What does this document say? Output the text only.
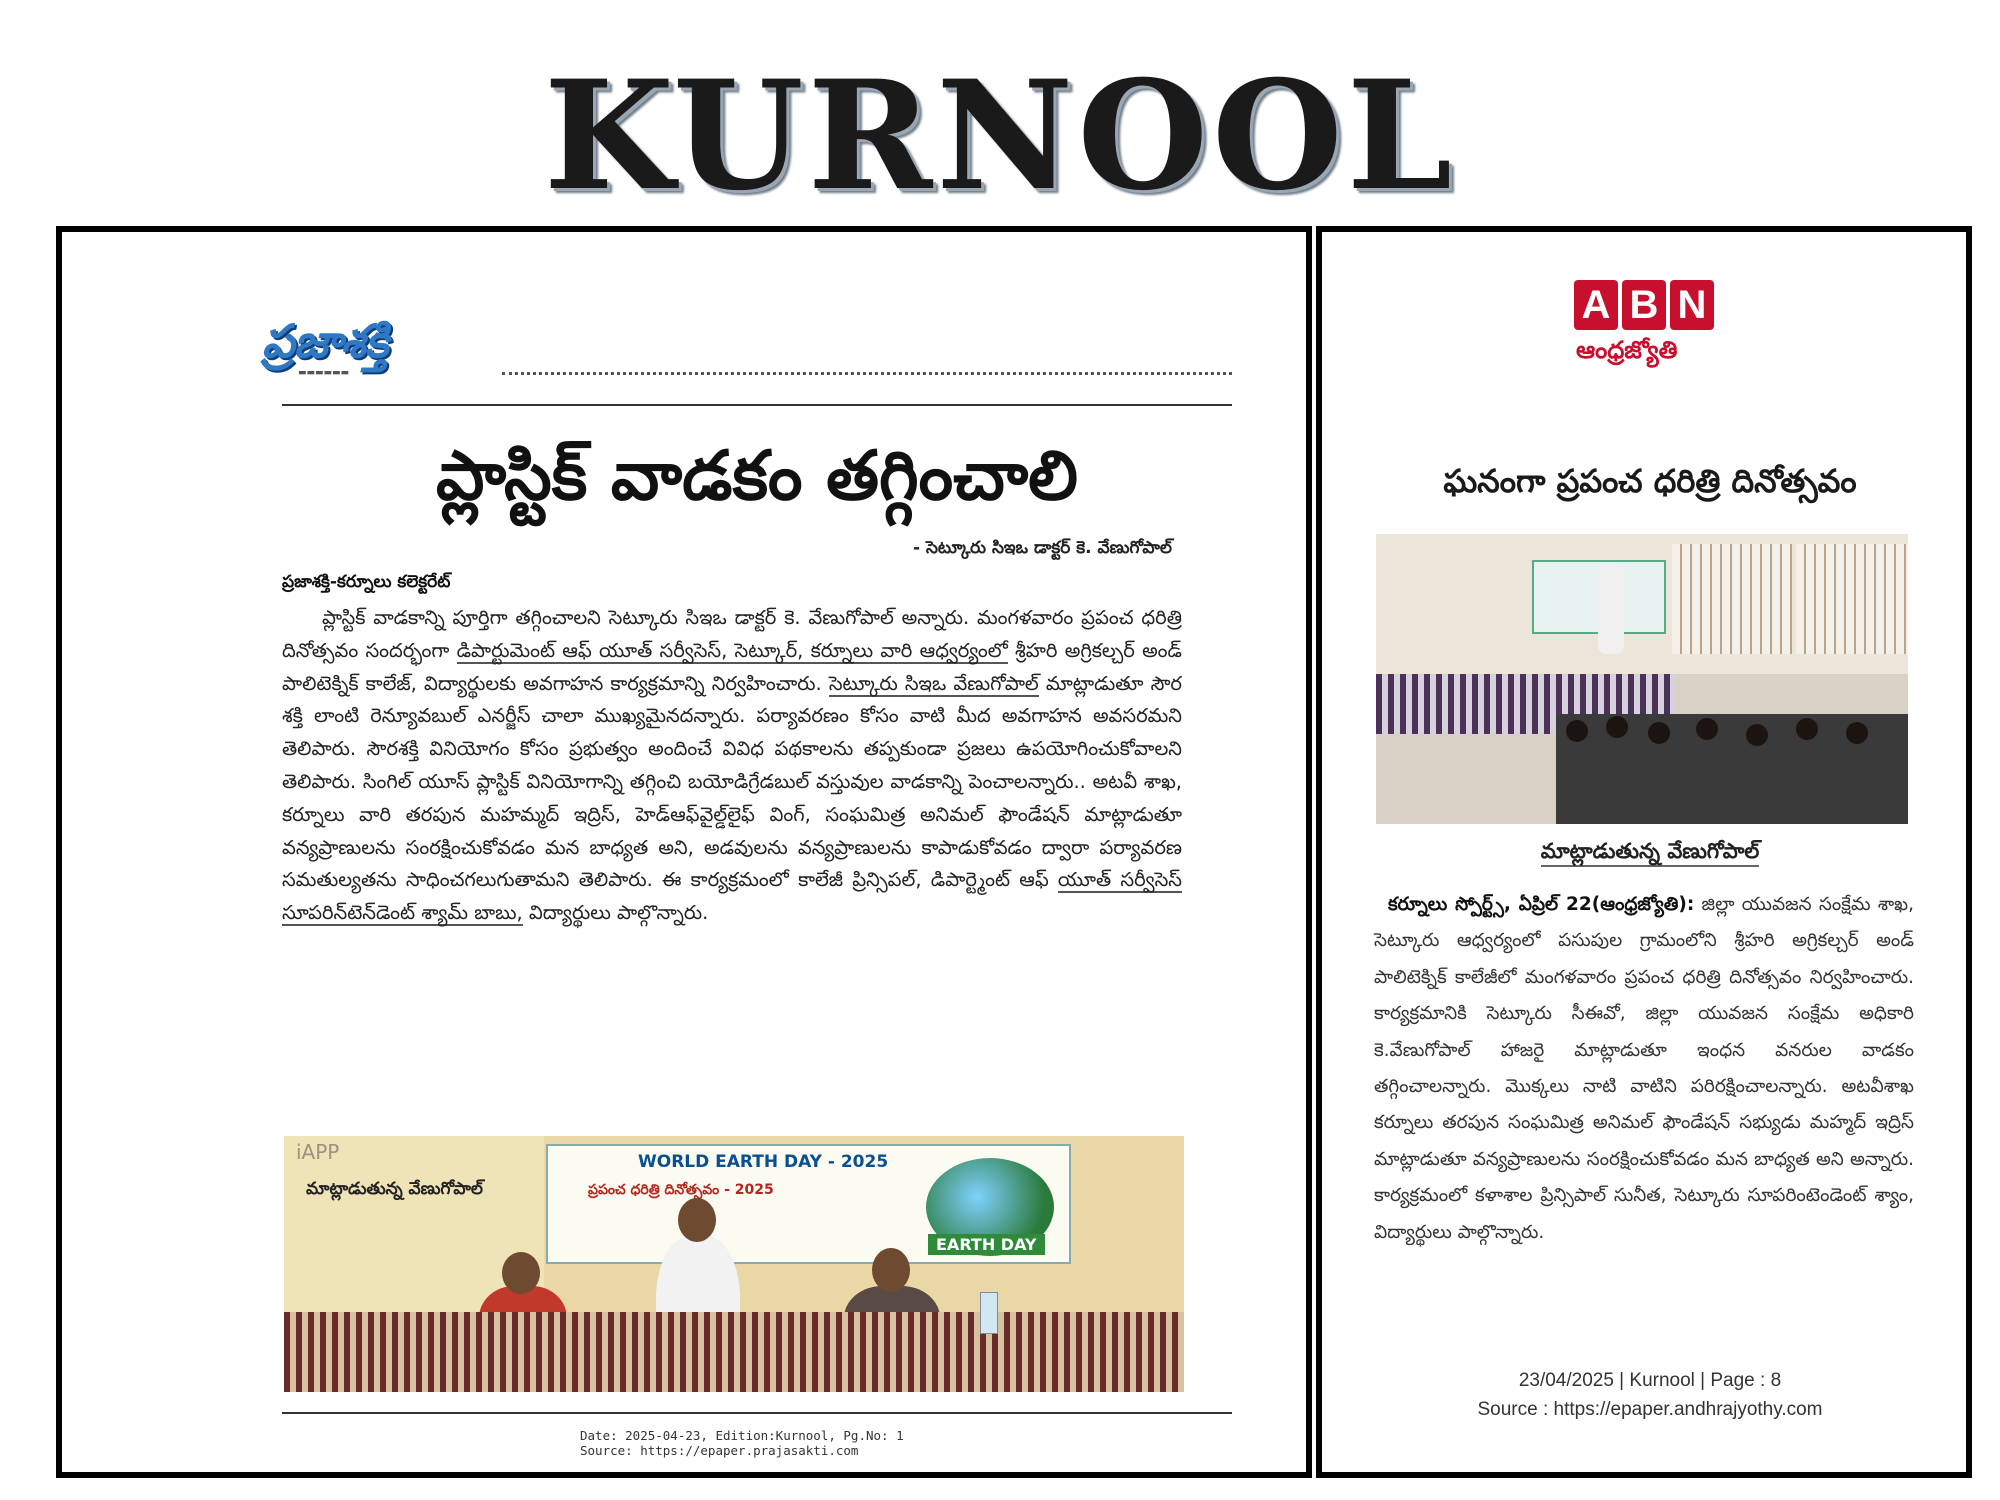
KURNOOL
ప్రజాశక్తి
▬▬▬▬▬▬
ప్లాస్టిక్ వాడకం తగ్గించాలి
- సెట్కూరు సిఇఒ డాక్టర్ కె. వేణుగోపాల్
ప్రజాశక్తి-కర్నూలు కలెక్టరేట్

ప్లాస్టిక్ వాడకాన్ని పూర్తిగా తగ్గించాలని సెట్కూరు సిఇఒ డాక్టర్ కె. వేణుగోపాల్ అన్నారు. మంగళవారం ప్రపంచ ధరిత్రి దినోత్సవం సందర్భంగా డిపార్టుమెంట్ ఆఫ్ యూత్ సర్వీసెస్, సెట్కూర్, కర్నూలు వారి ఆధ్వర్యంలో శ్రీహరి అగ్రికల్చర్ అండ్ పాలిటెక్నిక్ కాలేజ్, విద్యార్థులకు అవగాహన కార్యక్రమాన్ని నిర్వహించారు. సెట్కూరు సిఇఒ వేణుగోపాల్ మాట్లాడుతూ సౌర శక్తి లాంటి రెన్యూవబుల్ ఎనర్జీస్ చాలా ముఖ్యమైనదన్నారు. పర్యావరణం కోసం వాటి మీద అవగాహన అవసరమని తెలిపారు. సౌరశక్తి వినియోగం కోసం ప్రభుత్వం అందించే వివిధ పథకాలను తప్పకుండా ప్రజలు ఉపయోగించుకోవాలని తెలిపారు. సింగిల్ యూస్ ప్లాస్టిక్ వినియోగాన్ని తగ్గించి బయోడిగ్రేడబుల్ వస్తువుల వాడకాన్ని పెంచాలన్నారు.. అటవీ శాఖ, కర్నూలు వారి తరపున మహమ్మద్ ఇద్రిస్, హెడ్ఆఫ్‌వైల్డ్‌లైఫ్ వింగ్, సంఘమిత్ర అనిమల్ ఫౌండేషన్ మాట్లాడుతూ వన్యప్రాణులను సంరక్షించుకోవడం మన బాధ్యత అని, అడవులను వన్యప్రాణులను కాపాడుకోవడం ద్వారా పర్యావరణ సమతుల్యతను సాధించగలుగుతామని తెలిపారు. ఈ కార్యక్రమంలో కాలేజీ ప్రిన్సిపల్, డిపార్ట్మెంట్ ఆఫ్ యూత్ సర్వీసెస్ సూపరిన్‌టెన్‌డెంట్ శ్యామ్ బాబు, విద్యార్థులు పాల్గొన్నారు.

iAPP
మాట్లాడుతున్న వేణుగోపాల్
WORLD EARTH DAY - 2025
ప్రపంచ ధరిత్రి దినోత్సవం - 2025
EARTH DAY
Date: 2025-04-23, Edition:Kurnool, Pg.No: 1
Source: https://epaper.prajasakti.com
A B N
ఆంధ్రజ్యోతి
ఘనంగా ప్రపంచ ధరిత్రి దినోత్సవం
మాట్లాడుతున్న వేణుగోపాల్

కర్నూలు స్పోర్ట్స్, ఏప్రిల్ 22(ఆంధ్రజ్యోతి): జిల్లా యువజన సంక్షేమ శాఖ, సెట్కూరు ఆధ్వర్యంలో పసుపుల గ్రామంలోని శ్రీహరి అగ్రికల్చర్ అండ్ పాలిటెక్నిక్ కాలేజీలో మంగళవారం ప్రపంచ ధరిత్రి దినోత్సవం నిర్వహించారు. కార్యక్రమానికి సెట్కూరు సీఈవో, జిల్లా యువజన సంక్షేమ అధికారి కె.వేణుగోపాల్ హాజరై మాట్లాడుతూ ఇంధన వనరుల వాడకం తగ్గించాలన్నారు. మొక్కలు నాటి వాటిని పరిరక్షించాలన్నారు. అటవీశాఖ కర్నూలు తరపున సంఘమిత్ర అనిమల్ ఫౌండేషన్ సభ్యుడు మహ్మద్ ఇద్రిస్ మాట్లాడుతూ వన్యప్రాణులను సంరక్షించుకోవడం మన బాధ్యత అని అన్నారు. కార్యక్రమంలో కళాశాల ప్రిన్సిపాల్ సునీత, సెట్కూరు సూపరింటెండెంట్ శ్యాం, విద్యార్థులు పాల్గొన్నారు.

23/04/2025 | Kurnool | Page : 8
Source : https://epaper.andhrajyothy.com
